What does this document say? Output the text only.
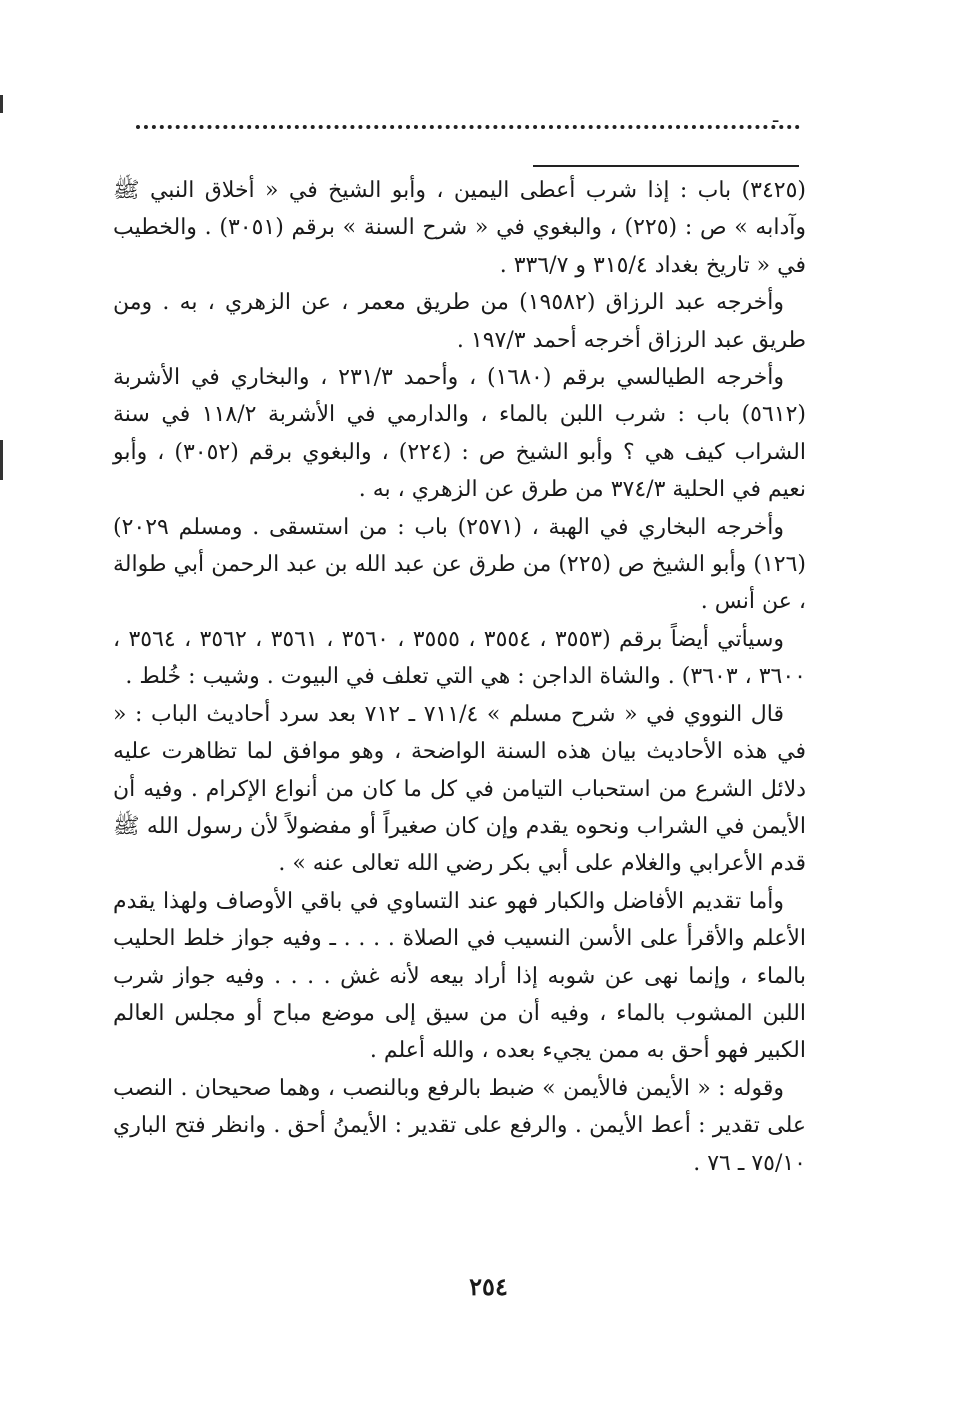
ـ

(٣٤٢٥) باب : إذا شرب أعطى اليمين ، وأبو الشيخ في « أخلاق النبي ﷺ وآدابه » ص : (٢٢٥) ، والبغوي في « شرح السنة » برقم (٣٠٥١) . والخطيب في « تاريخ بغداد ٣١٥/٤ و ٣٣٦/٧ .

وأخرجه عبد الرزاق (١٩٥٨٢) من طريق معمر ، عن الزهري ، به . ومن طريق عبد الرزاق أخرجه أحمد ١٩٧/٣ .

وأخرجه الطيالسي برقم (١٦٨٠) ، وأحمد ٢٣١/٣ ، والبخاري في الأشربة (٥٦١٢) باب : شرب اللبن بالماء ، والدارمي في الأشربة ١١٨/٢ في سنة الشراب كيف هي ؟ وأبو الشيخ ص : (٢٢٤) ، والبغوي برقم (٣٠٥٢) ، وأبو نعيم في الحلية ٣٧٤/٣ من طرق عن الزهري ، به .

وأخرجه البخاري في الهبة ، (٢٥٧١) باب : من استسقى . ومسلم ٢٠٢٩) (١٢٦) وأبو الشيخ ص (٢٢٥) من طرق عن عبد الله بن عبد الرحمن أبي طوالة ، عن أنس .

وسيأتي أيضاً برقم (٣٥٥٣ ، ٣٥٥٤ ، ٣٥٥٥ ، ٣٥٦٠ ، ٣٥٦١ ، ٣٥٦٢ ، ٣٥٦٤ ، ٣٦٠٠ ، ٣٦٠٣) . والشاة الداجن : هي التي تعلف في البيوت . وشيب : خُلط .

قال النووي في « شرح مسلم » ٧١١/٤ ـ ٧١٢ بعد سرد أحاديث الباب : « في هذه الأحاديث بيان هذه السنة الواضحة ، وهو موافق لما تظاهرت عليه دلائل الشرع من استحباب التيامن في كل ما كان من أنواع الإكرام . وفيه أن الأيمن في الشراب ونحوه يقدم وإن كان صغيراً أو مفضولاً لأن رسول الله ﷺ قدم الأعرابي والغلام على أبي بكر رضي الله تعالى عنه » .

وأما تقديم الأفاضل والكبار فهو عند التساوي في باقي الأوصاف ولهذا يقدم الأعلم والأقرأ على الأسن النسيب في الصلاة . . . . ـ وفيه جواز خلط الحليب بالماء ، وإنما نهى عن شوبه إذا أراد بيعه لأنه غش . . . . وفيه جواز شرب اللبن المشوب بالماء ، وفيه أن من سيق إلى موضع مباح أو مجلس العالم الكبير فهو أحق به ممن يجيء بعده ، والله أعلم .

وقوله : « الأيمن فالأيمن » ضبط بالرفع وبالنصب ، وهما صحيحان . النصب على تقدير : أعط الأيمن . والرفع على تقدير : الأيمنُ أحق . وانظر فتح الباري ٧٥/١٠ ـ ٧٦ .

٢٥٤
